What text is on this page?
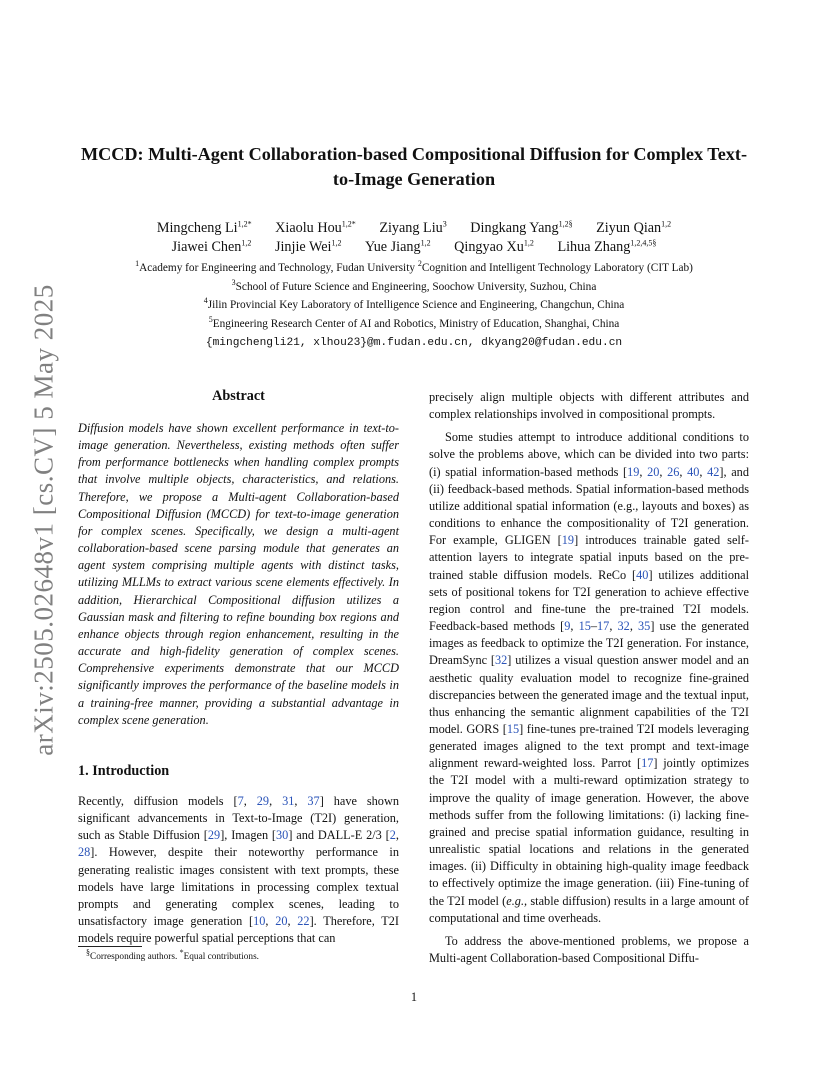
arXiv:2505.02648v1 [cs.CV] 5 May 2025
MCCD: Multi-Agent Collaboration-based Compositional Diffusion for Complex Text-to-Image Generation
Mingcheng $Li^{1,2*}$ Xiaolu Hou$^{1,2*}$ Ziyang Liu$^3$ Dingkang Yang$^{1,2\S}$ Ziyun Qian$^{1,2}$
Jiawei Chen$^{1,2}$ Jinjie Wei$^{1,2}$ Yue Jiang$^{1,2}$ Qingyao Xu$^{1,2}$ Lihua Zhang$^{1,2,4,5\S}$
$^1$Academy for Engineering and Technology, Fudan University $^2$Cognition and Intelligent Technology Laboratory (CIT Lab)
$^3$School of Future Science and Engineering, Soochow University, Suzhou, China
$^4$Jilin Provincial Key Laboratory of Intelligence Science and Engineering, Changchun, China
$^5$Engineering Research Center of AI and Robotics, Ministry of Education, Shanghai, China
{mingchengli21, xlhou23}@m.fudan.edu.cn, dkyang20@fudan.edu.cn
Abstract

Diffusion models have shown excellent performance in text-to-image generation. Nevertheless, existing methods often suffer from performance bottlenecks when handling complex prompts that involve multiple objects, characteristics, and relations. Therefore, we propose a Multi-agent Collaboration-based Compositional Diffusion (MCCD) for text-to-image generation for complex scenes. Specifically, we design a multi-agent collaboration-based scene parsing module that generates an agent system comprising multiple agents with distinct tasks, utilizing MLLMs to extract various scene elements effectively. In addition, Hierarchical Compositional diffusion utilizes a Gaussian mask and filtering to refine bounding box regions and enhance objects through region enhancement, resulting in the accurate and high-fidelity generation of complex scenes. Comprehensive experiments demonstrate that our MCCD significantly improves the performance of the baseline models in a training-free manner, providing a substantial advantage in complex scene generation.

1. Introduction

Recently, diffusion models [7, 29, 31, 37] have shown significant advancements in Text-to-Image (T2I) generation, such as Stable Diffusion [29], Imagen [30] and DALL-E 2/3 [2, 28]. However, despite their noteworthy performance in generating realistic images consistent with text prompts, these models have large limitations in processing complex textual prompts and generating complex scenes, leading to unsatisfactory image generation [10, 20, 22]. Therefore, T2I models require powerful spatial perceptions that can

precisely align multiple objects with different attributes and complex relationships involved in compositional prompts.

Some studies attempt to introduce additional conditions to solve the problems above, which can be divided into two parts: (i) spatial information-based methods [19, 20, 26, 40, 42], and (ii) feedback-based methods. Spatial information-based methods utilize additional spatial information (e.g., layouts and boxes) as conditions to enhance the compositionality of T2I generation. For example, GLIGEN [19] introduces trainable gated self-attention layers to integrate spatial inputs based on the pre-trained stable diffusion models. ReCo [40] utilizes additional sets of positional tokens for T2I generation to achieve effective region control and fine-tune the pre-trained T2I models. Feedback-based methods [9, 15–17, 32, 35] use the generated images as feedback to optimize the T2I generation. For instance, DreamSync [32] utilizes a visual question answer model and an aesthetic quality evaluation model to recognize fine-grained discrepancies between the generated image and the textual input, thus enhancing the semantic alignment capabilities of the T2I model. GORS [15] fine-tunes pre-trained T2I models leveraging generated images aligned to the text prompt and text-image alignment reward-weighted loss. Parrot [17] jointly optimizes the T2I model with a multi-reward optimization strategy to improve the quality of image generation. However, the above methods suffer from the following limitations: (i) lacking fine-grained and precise spatial information guidance, resulting in unrealistic spatial locations and relations in the generated images. (ii) Difficulty in obtaining high-quality image feedback to effectively optimize the image generation. (iii) Fine-tuning of the T2I model (e.g., stable diffusion) results in a large amount of computational and time overheads.

To address the above-mentioned problems, we propose a Multi-agent Collaboration-based Compositional Diffu-

§Corresponding authors. *Equal contributions.
1
